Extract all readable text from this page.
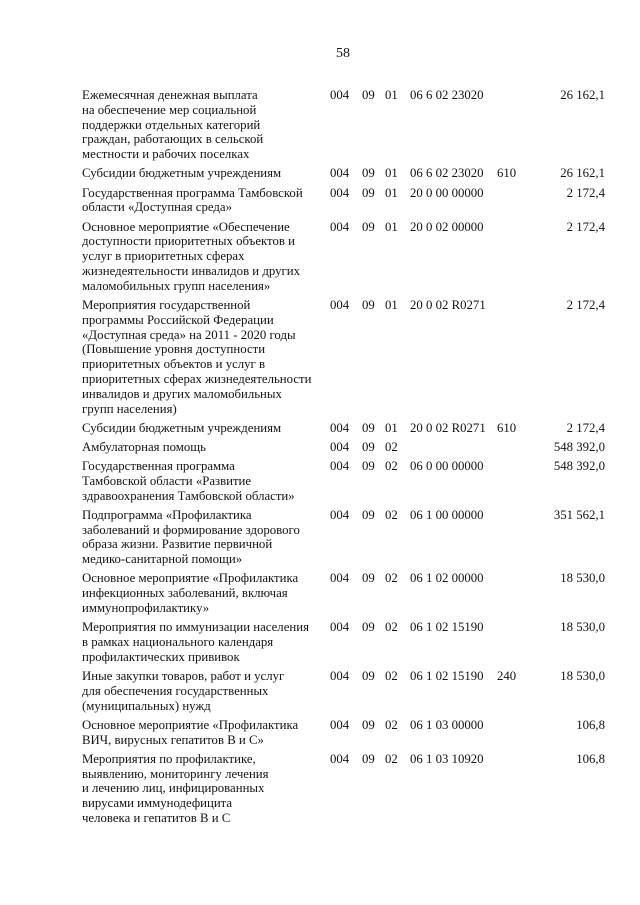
58
Ежемесячная денежная выплата
на обеспечение мер социальной
поддержки отдельных категорий
граждан, работающих в сельской
местности и рабочих поселках
004 09 01 06 6 02 23020	26 162,1
Субсидии бюджетным учреждениям	004 09 01 06 6 02 23020 610	26 162,1
Государственная программа Тамбовской
области «Доступная среда»
004 09 01 20 0 00 00000	2 172,4
Основное мероприятие «Обеспечение
доступности приоритетных объектов и
услуг в приоритетных сферах
жизнедеятельности инвалидов и других
маломобильных групп населения»
004 09 01 20 0 02 00000	2 172,4
Мероприятия государственной
программы Российской Федерации
«Доступная среда» на 2011 - 2020 годы
(Повышение уровня доступности
приоритетных объектов и услуг в
приоритетных сферах жизнедеятельности
инвалидов и других маломобильных
групп населения)
004 09 01 20 0 02 R0271	2 172,4
Субсидии бюджетным учреждениям	004 09 01 20 0 02 R0271 610	2 172,4
Амбулаторная помощь	004 09 02	548 392,0
Государственная программа
Тамбовской области «Развитие
здравоохранения Тамбовской области»
004 09 02 06 0 00 00000	548 392,0
Подпрограмма «Профилактика
заболеваний и формирование здорового
образа жизни. Развитие первичной
медико-санитарной помощи»
004 09 02 06 1 00 00000	351 562,1
Основное мероприятие «Профилактика
инфекционных заболеваний, включая
иммунопрофилактику»
004 09 02 06 1 02 00000	18 530,0
Мероприятия по иммунизации населения
в рамках национального календаря
профилактических прививок
004 09 02 06 1 02 15190	18 530,0
Иные закупки товаров, работ и услуг
для обеспечения государственных
(муниципальных) нужд
004 09 02 06 1 02 15190 240	18 530,0
Основное мероприятие «Профилактика
ВИЧ, вирусных гепатитов В и С»
004 09 02 06 1 03 00000	106,8
Мероприятия по профилактике,
выявлению, мониторингу лечения
и лечению лиц, инфицированных
вирусами иммунодефицита
человека и гепатитов В и С
004 09 02 06 1 03 10920	106,8
